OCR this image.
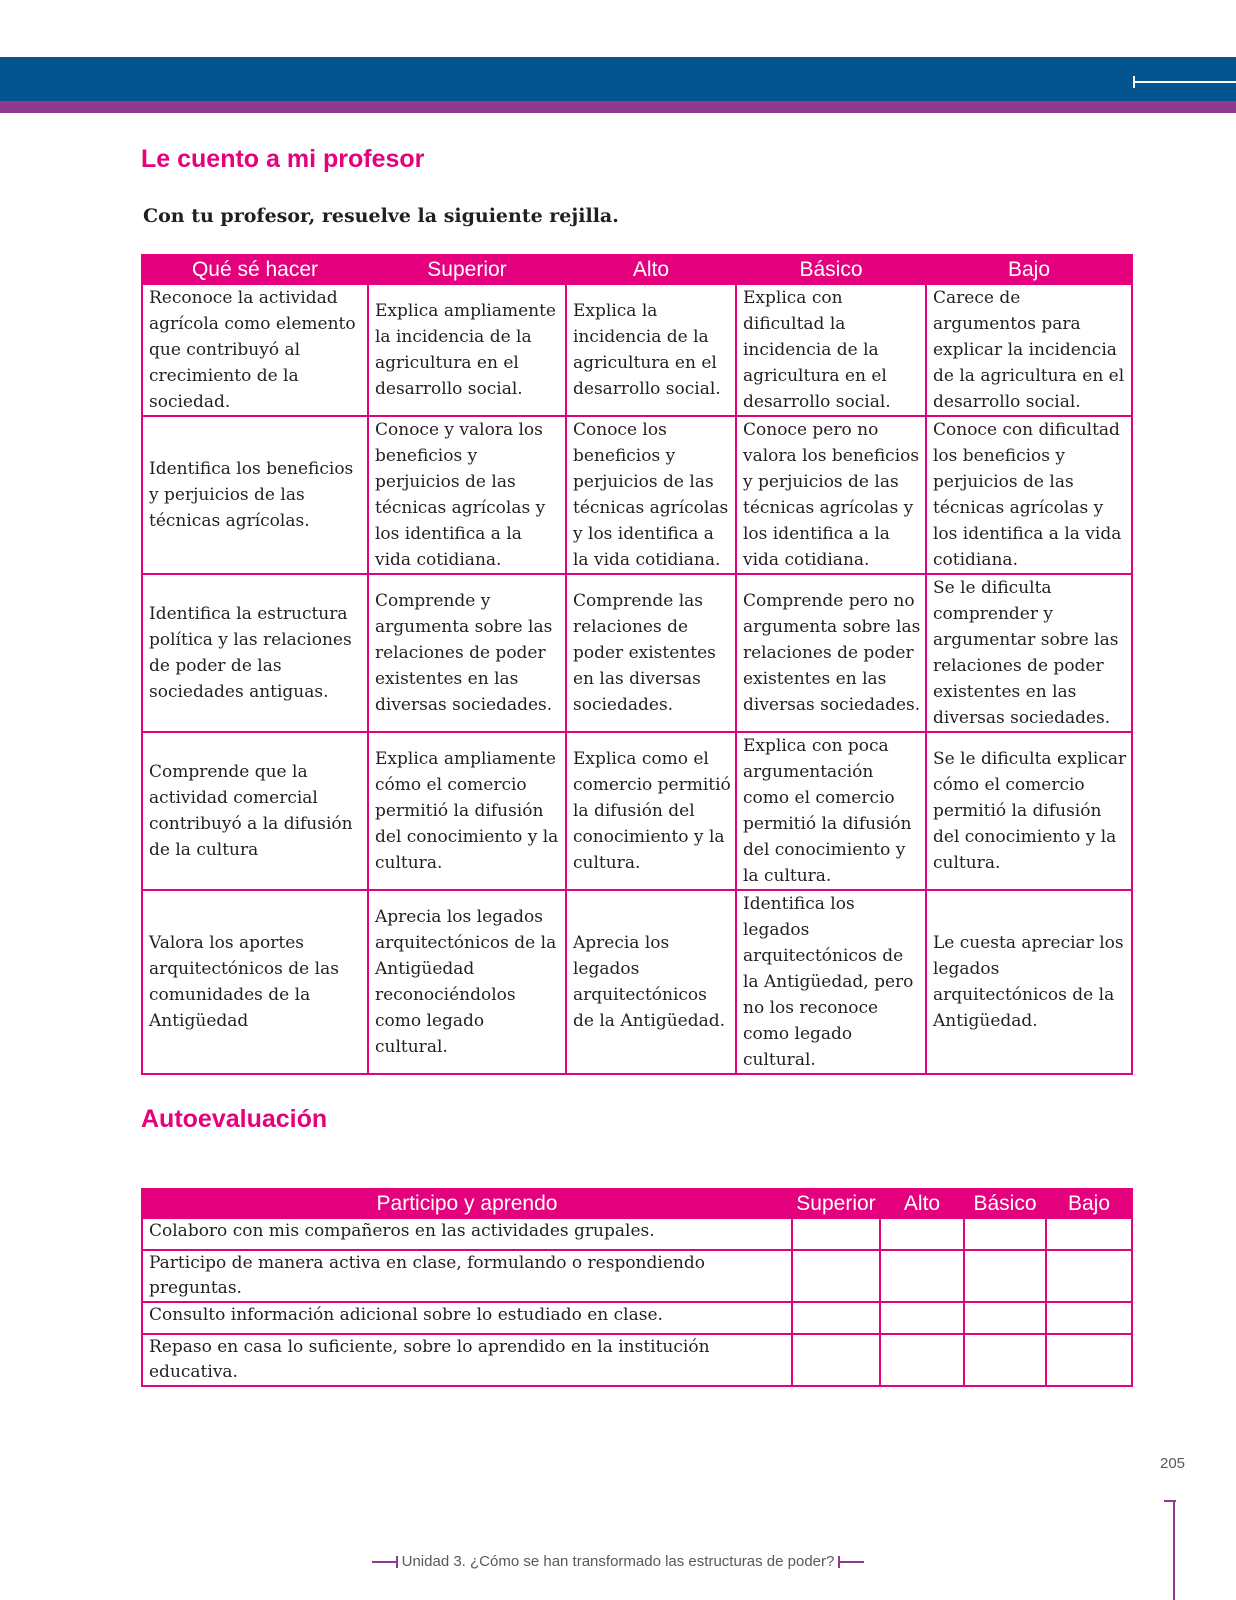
Le cuento a mi profesor

Con tu profesor, resuelve la siguiente rejilla.

Qué sé hacer	Superior	Alto	Básico	Bajo
Reconoce la actividad agrícola como elemento que contribuyó al crecimiento de la sociedad.	Explica ampliamente la incidencia de la agricultura en el desarrollo social.	Explica la incidencia de la agricultura en el desarrollo social.	Explica con dificultad la incidencia de la agricultura en el desarrollo social.	Carece de argumentos para explicar la incidencia de la agricultura en el desarrollo social.
Identifica los beneficios y perjuicios de las técnicas agrícolas.	Conoce y valora los beneficios y perjuicios de las técnicas agrícolas y los identifica a la vida cotidiana.	Conoce los beneficios y perjuicios de las técnicas agrícolas y los identifica a la vida cotidiana.	Conoce pero no valora los beneficios y perjuicios de las técnicas agrícolas y los identifica a la vida cotidiana.	Conoce con dificultad los beneficios y perjuicios de las técnicas agrícolas y los identifica a la vida cotidiana.
Identifica la estructura política y las relaciones de poder de las sociedades antiguas.	Comprende y argumenta sobre las relaciones de poder existentes en las diversas sociedades.	Comprende las relaciones de poder existentes en las diversas sociedades.	Comprende pero no argumenta sobre las relaciones de poder existentes en las diversas sociedades.	Se le dificulta comprender y argumentar sobre las relaciones de poder existentes en las diversas sociedades.
Comprende que la actividad comercial contribuyó a la difusión de la cultura	Explica ampliamente cómo el comercio permitió la difusión del conocimiento y la cultura.	Explica como el comercio permitió la difusión del conocimiento y la cultura.	Explica con poca argumentación como el comercio permitió la difusión del conocimiento y la cultura.	Se le dificulta explicar cómo el comercio permitió la difusión del conocimiento y la cultura.
Valora los aportes arquitectónicos de las comunidades de la Antigüedad	Aprecia los legados arquitectónicos de la Antigüedad reconociéndolos como legado cultural.	Aprecia los legados arquitectónicos de la Antigüedad.	Identifica los legados arquitectónicos de la Antigüedad, pero no los reconoce como legado cultural.	Le cuesta apreciar los legados arquitectónicos de la Antigüedad.
Autoevaluación
Participo y aprendo	Superior	Alto	Básico	Bajo
Colaboro con mis compañeros en las actividades grupales.				
Participo de manera activa en clase, formulando o respondiendo preguntas.				
Consulto información adicional sobre lo estudiado en clase.				
Repaso en casa lo suficiente, sobre lo aprendido en la institución educativa.				
205
Unidad 3. ¿Cómo se han transformado las estructuras de poder?
